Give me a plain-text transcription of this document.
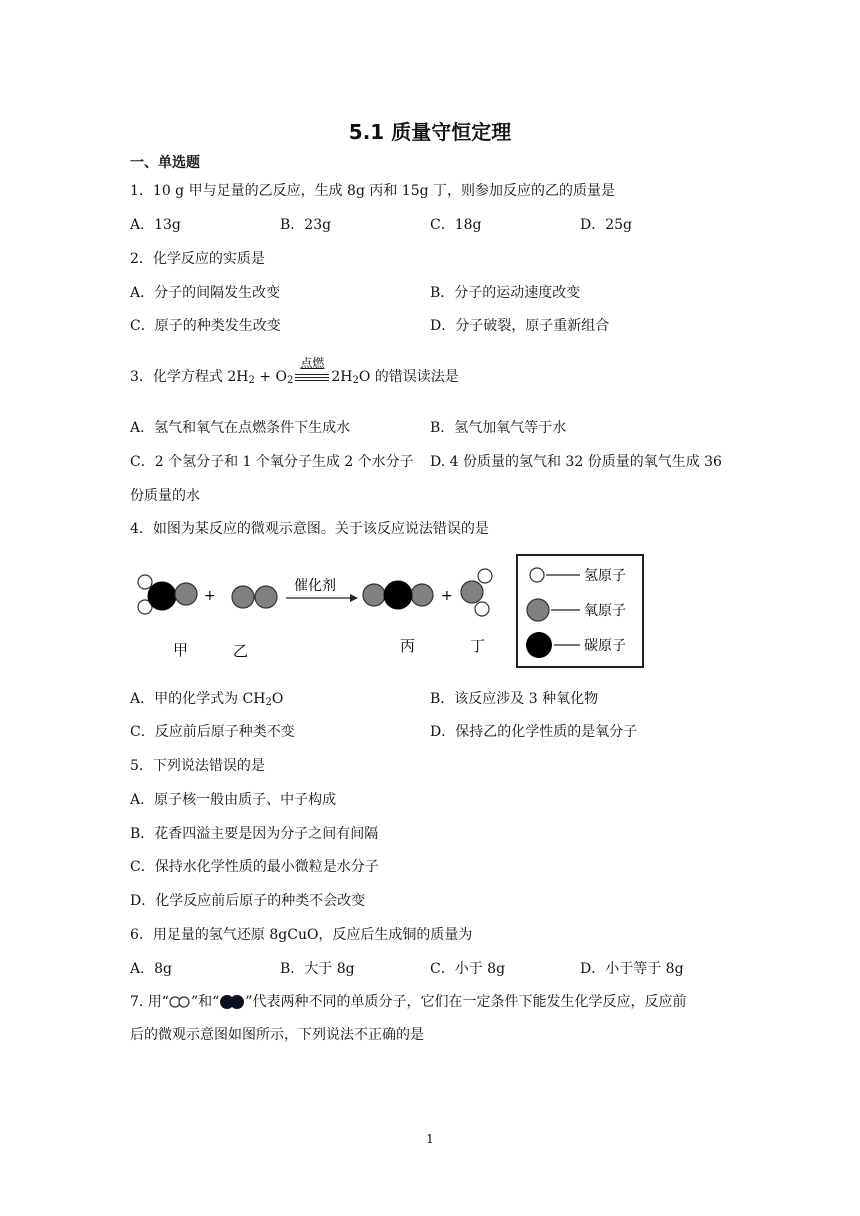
5.1 质量守恒定理
一、单选题
1．10 g 甲与足量的乙反应，生成 8g 丙和 15g 丁，则参加反应的乙的质量是
A．13g	B．23g	C．18g	D．25g
2．化学反应的实质是
A．分子的间隔发生改变	B．分子的运动速度改变
C．原子的种类发生改变	D．分子破裂，原子重新组合
3．化学方程式 $2H_2 + O_2$
点燃
$2H_2O$ 的错误读法是
A．氢气和氧气在点燃条件下生成水	B．氢气加氧气等于水
C．2 个氢分子和 1 个氧分子生成 2 个水分子 D. 4 份质量的氢气和 32 份质量的氧气生成 36
份质量的水
4．如图为某反应的微观示意图。关于该反应说法错误的是
+
催化剂
+
甲	乙	丙	丁
氢原子
氧原子
碳原子
A．甲的化学式为 $CH_2O$	B．该反应涉及 3 种氧化物
C．反应前后原子种类不变	D．保持乙的化学性质的是氧分子
5．下列说法错误的是
A．原子核一般由质子、中子构成
B．花香四溢主要是因为分子之间有间隔
C．保持水化学性质的最小微粒是水分子
D．化学反应前后原子的种类不会改变
6．用足量的氢气还原 8gCuO，反应后生成铜的质量为
A．8g	B．大于 8g	C．小于 8g	D．小于等于 8g
7. 用“ ”和“ ”代表两种不同的单质分子，它们在一定条件下能发生化学反应，反应前
后的微观示意图如图所示，下列说法不正确的是
1
